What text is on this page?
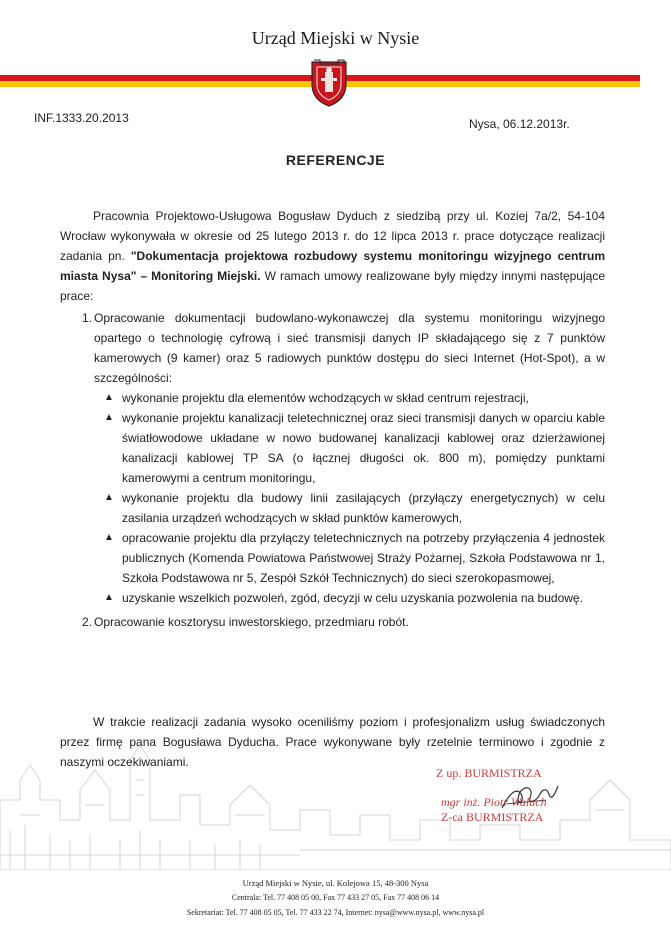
Urząd Miejski w Nysie
INF.1333.20.2013	Nysa, 06.12.2013r.
REFERENCJE
Pracownia Projektowo-Usługowa Bogusław Dyduch z siedzibą przy ul. Koziej 7a/2, 54-104 Wrocław wykonywała w okresie od 25 lutego 2013 r. do 12 lipca 2013 r. prace dotyczące realizacji zadania pn. "Dokumentacja projektowa rozbudowy systemu monitoringu wizyjnego centrum miasta Nysa" – Monitoring Miejski. W ramach umowy realizowane były między innymi następujące prace:
1. Opracowanie dokumentacji budowlano-wykonawczej dla systemu monitoringu wizyjnego opartego o technologię cyfrową i sieć transmisji danych IP składającego się z 7 punktów kamerowych (9 kamer) oraz 5 radiowych punktów dostępu do sieci Internet (Hot-Spot), a w szczególności:
▲ wykonanie projektu dla elementów wchodzących w skład centrum rejestracji,
▲ wykonanie projektu kanalizacji teletechnicznej oraz sieci transmisji danych w oparciu kable światłowodowe układane w nowo budowanej kanalizacji kablowej oraz dzierżawionej kanalizacji kablowej TP SA (o łącznej długości ok. 800 m), pomiędzy punktami kamerowymi a centrum monitoringu,
▲ wykonanie projektu dla budowy linii zasilających (przyłączy energetycznych) w celu zasilania urządzeń wchodzących w skład punktów kamerowych,
▲ opracowanie projektu dla przyłączy teletechnicznych na potrzeby przyłączenia 4 jednostek publicznych (Komenda Powiatowa Państwowej Straży Pożarnej, Szkoła Podstawowa nr 1, Szkoła Podstawowa nr 5, Zespół Szkół Technicznych) do sieci szerokopasmowej,
▲ uzyskanie wszelkich pozwoleń, zgód, decyzji w celu uzyskania pozwolenia na budowę.
2. Opracowanie kosztorysu inwestorskiego, przedmiaru robót.
W trakcie realizacji zadania wysoko oceniliśmy poziom i profesjonalizm usług świadczonych przez firmę pana Bogusława Dyducha. Prace wykonywane były rzetelnie terminowo i zgodnie z naszymi oczekiwaniami.
Z up. BURMISTRZA
mgr inż. Piotr Walach
Z-ca BURMISTRZA
Urząd Miejski w Nysie, ul. Kolejowa 15, 48-300 Nysa
Centrala: Tel. 77 408 05 00, Fax 77 433 27 05, Fax 77 408 06 14
Sekretariat: Tel. 77 408 05 05, Tel. 77 433 22 74, Internet: nysa@www.nysa.pl, www.nysa.pl
